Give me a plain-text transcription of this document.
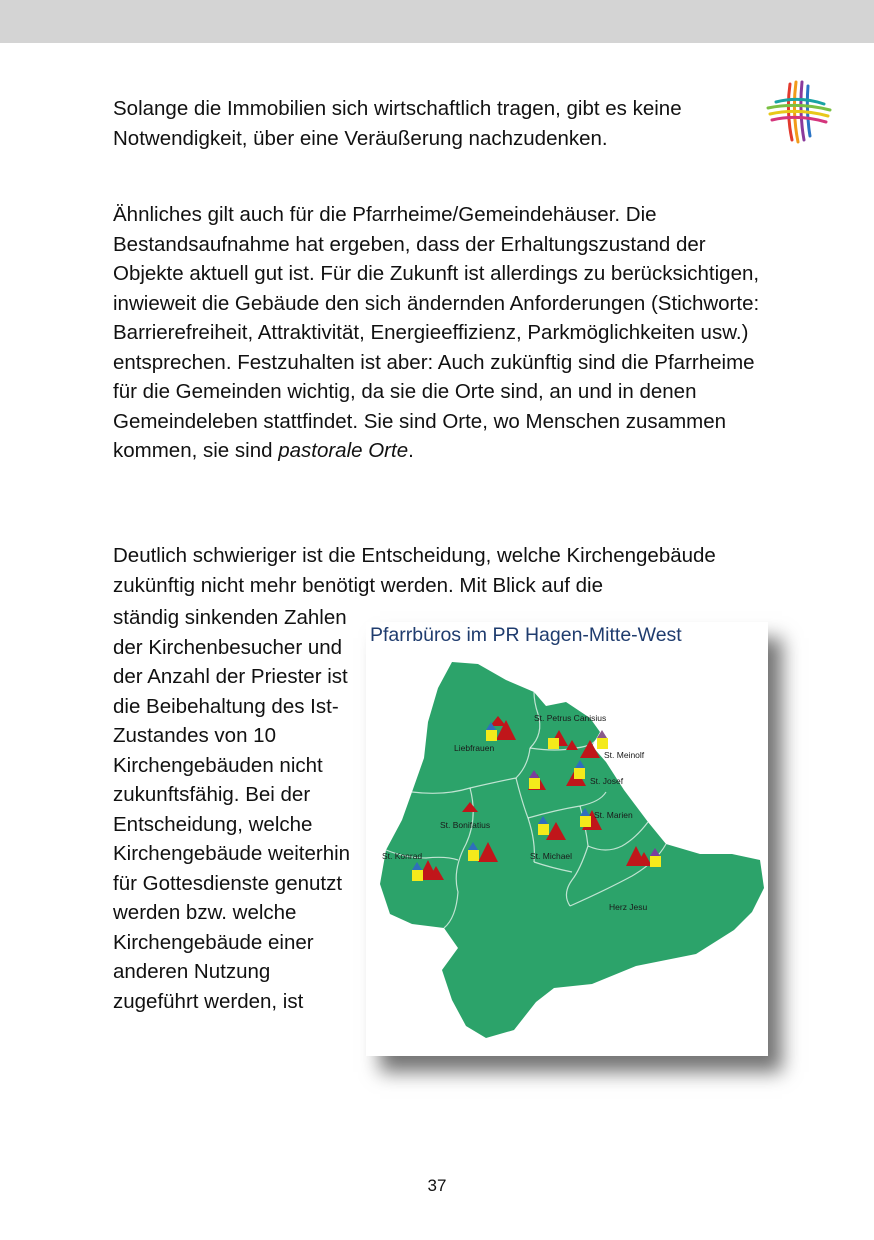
Solange die Immobilien sich wirtschaftlich tragen, gibt es keine Notwendigkeit, über eine Veräußerung nachzudenken.

Ähnliches gilt auch für die Pfarrheime/Gemeindehäuser. Die Bestandsaufnahme hat ergeben, dass der Erhaltungszustand der Objekte aktuell gut ist. Für die Zukunft ist allerdings zu berücksichtigen, inwieweit die Gebäude den sich ändernden Anforderungen (Stichworte: Barrierefreiheit, Attraktivität, Energieeffizienz, Parkmöglichkeiten usw.) entsprechen. Festzuhalten ist aber: Auch zukünftig sind die Pfarrheime für die Gemeinden wichtig, da sie die Orte sind, an und in denen Gemeindeleben stattfindet. Sie sind Orte, wo Menschen zusammen kommen, sie sind pastorale Orte.

Deutlich schwieriger ist die Entscheidung, welche Kirchengebäude zukünftig nicht mehr benötigt werden. Mit Blick auf die

ständig sinkenden Zahlen der Kirchenbesucher und der Anzahl der Priester ist die Beibehaltung des Ist-Zustandes von 10 Kirchengebäuden nicht zukunftsfähig. Bei der Entscheidung, welche Kirchengebäude weiterhin für Gottesdienste genutzt werden bzw. welche Kirchengebäude einer anderen Nutzung zugeführt werden, ist

St. Petrus Canisius
Liebfrauen
St. Meinolf
St. Josef
St. Bonifatius
St. Marien
St. Konrad	St. Michael
Herz Jesu
Pfarrbüros im PR Hagen-Mitte-West
37
